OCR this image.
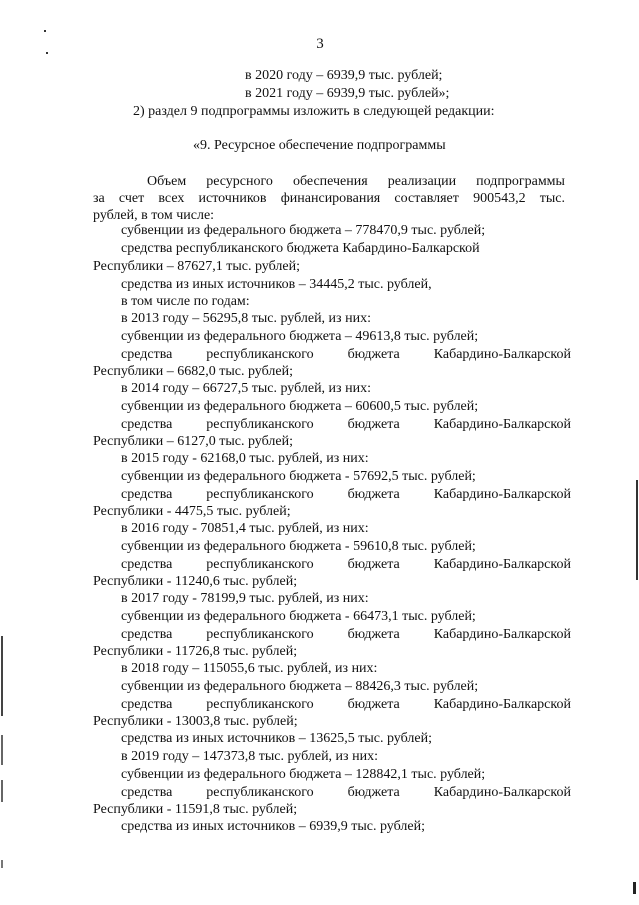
3
в 2020 году – 6939,9 тыс. рублей;
в 2021 году – 6939,9 тыс. рублей»;
2) раздел 9 подпрограммы изложить в следующей редакции:
«9. Ресурсное обеспечение подпрограммы
Объем ресурсного обеспечения реализации подпрограммы
за счет всех источников финансирования составляет 900543,2 тыс.
рублей, в том числе:
субвенции из федерального бюджета – 778470,9 тыс. рублей;
средства республиканского бюджета Кабардино-Балкарской
Республики – 87627,1 тыс. рублей;
средства из иных источников – 34445,2 тыс. рублей,
в том числе по годам:
в 2013 году – 56295,8 тыс. рублей, из них:
субвенции из федерального бюджета – 49613,8 тыс. рублей;
средства республиканского бюджета Кабардино-Балкарской
Республики – 6682,0 тыс. рублей;
в 2014 году – 66727,5 тыс. рублей, из них:
субвенции из федерального бюджета – 60600,5 тыс. рублей;
средства республиканского бюджета Кабардино-Балкарской
Республики – 6127,0 тыс. рублей;
в 2015 году - 62168,0 тыс. рублей, из них:
субвенции из федерального бюджета - 57692,5 тыс. рублей;
средства республиканского бюджета Кабардино-Балкарской
Республики - 4475,5 тыс. рублей;
в 2016 году - 70851,4 тыс. рублей, из них:
субвенции из федерального бюджета - 59610,8 тыс. рублей;
средства республиканского бюджета Кабардино-Балкарской
Республики - 11240,6 тыс. рублей;
в 2017 году - 78199,9 тыс. рублей, из них:
субвенции из федерального бюджета - 66473,1 тыс. рублей;
средства республиканского бюджета Кабардино-Балкарской
Республики - 11726,8 тыс. рублей;
в 2018 году – 115055,6 тыс. рублей, из них:
субвенции из федерального бюджета – 88426,3 тыс. рублей;
средства республиканского бюджета Кабардино-Балкарской
Республики - 13003,8 тыс. рублей;
средства из иных источников – 13625,5 тыс. рублей;
в 2019 году – 147373,8 тыс. рублей, из них:
субвенции из федерального бюджета – 128842,1 тыс. рублей;
средства республиканского бюджета Кабардино-Балкарской
Республики - 11591,8 тыс. рублей;
средства из иных источников – 6939,9 тыс. рублей;
